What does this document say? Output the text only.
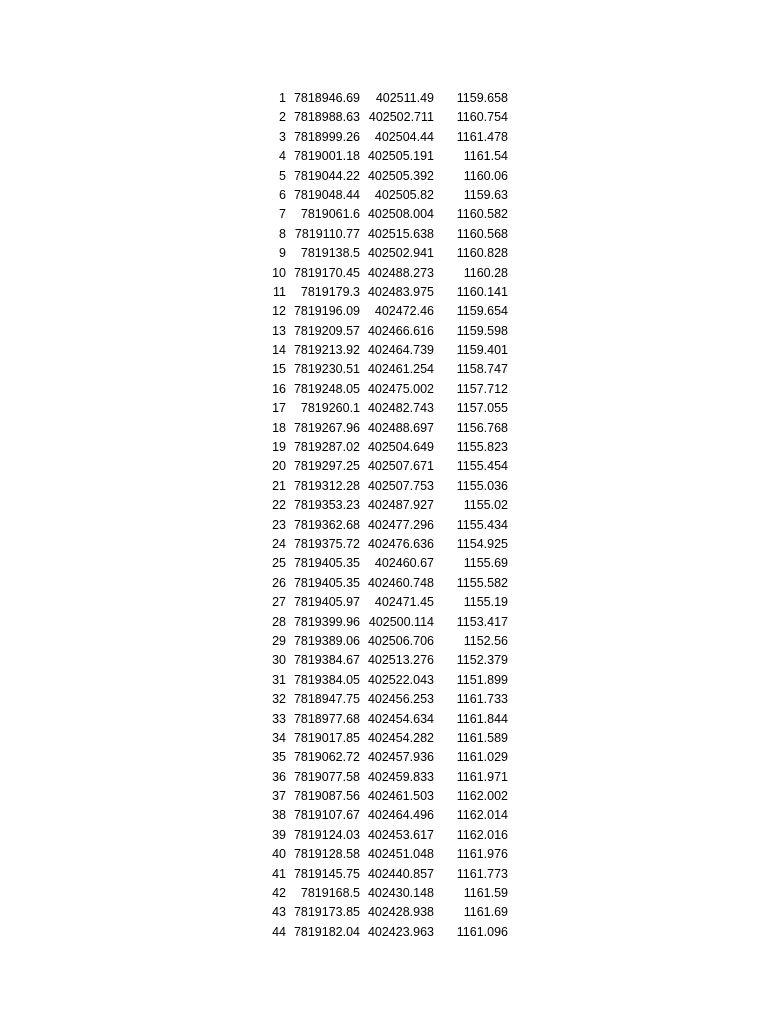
1 7818946.69	402511.49	1159.658
2 7818988.63 402502.711	1160.754
3 7818999.26	402504.44	1161.478
4 7819001.18 402505.191	1161.54
5 7819044.22 402505.392	1160.06
6 7819048.44	402505.82	1159.63
7	7819061.6 402508.004	1160.582
8 7819110.77 402515.638	1160.568
9	7819138.5 402502.941	1160.828
10 7819170.45 402488.273	1160.28
11	7819179.3 402483.975	1160.141
12 7819196.09	402472.46	1159.654
13 7819209.57 402466.616	1159.598
14 7819213.92 402464.739	1159.401
15 7819230.51 402461.254	1158.747
16 7819248.05 402475.002	1157.712
17	7819260.1 402482.743	1157.055
18 7819267.96 402488.697	1156.768
19 7819287.02 402504.649	1155.823
20 7819297.25 402507.671	1155.454
21 7819312.28 402507.753	1155.036
22 7819353.23 402487.927	1155.02
23 7819362.68 402477.296	1155.434
24 7819375.72 402476.636	1154.925
25 7819405.35	402460.67	1155.69
26 7819405.35 402460.748	1155.582
27 7819405.97	402471.45	1155.19
28 7819399.96 402500.114	1153.417
29 7819389.06 402506.706	1152.56
30 7819384.67 402513.276	1152.379
31 7819384.05 402522.043	1151.899
32 7818947.75 402456.253	1161.733
33 7818977.68 402454.634	1161.844
34 7819017.85 402454.282	1161.589
35 7819062.72 402457.936	1161.029
36 7819077.58 402459.833	1161.971
37 7819087.56 402461.503	1162.002
38 7819107.67 402464.496	1162.014
39 7819124.03 402453.617	1162.016
40 7819128.58 402451.048	1161.976
41 7819145.75 402440.857	1161.773
42	7819168.5 402430.148	1161.59
43 7819173.85 402428.938	1161.69
44 7819182.04 402423.963	1161.096
